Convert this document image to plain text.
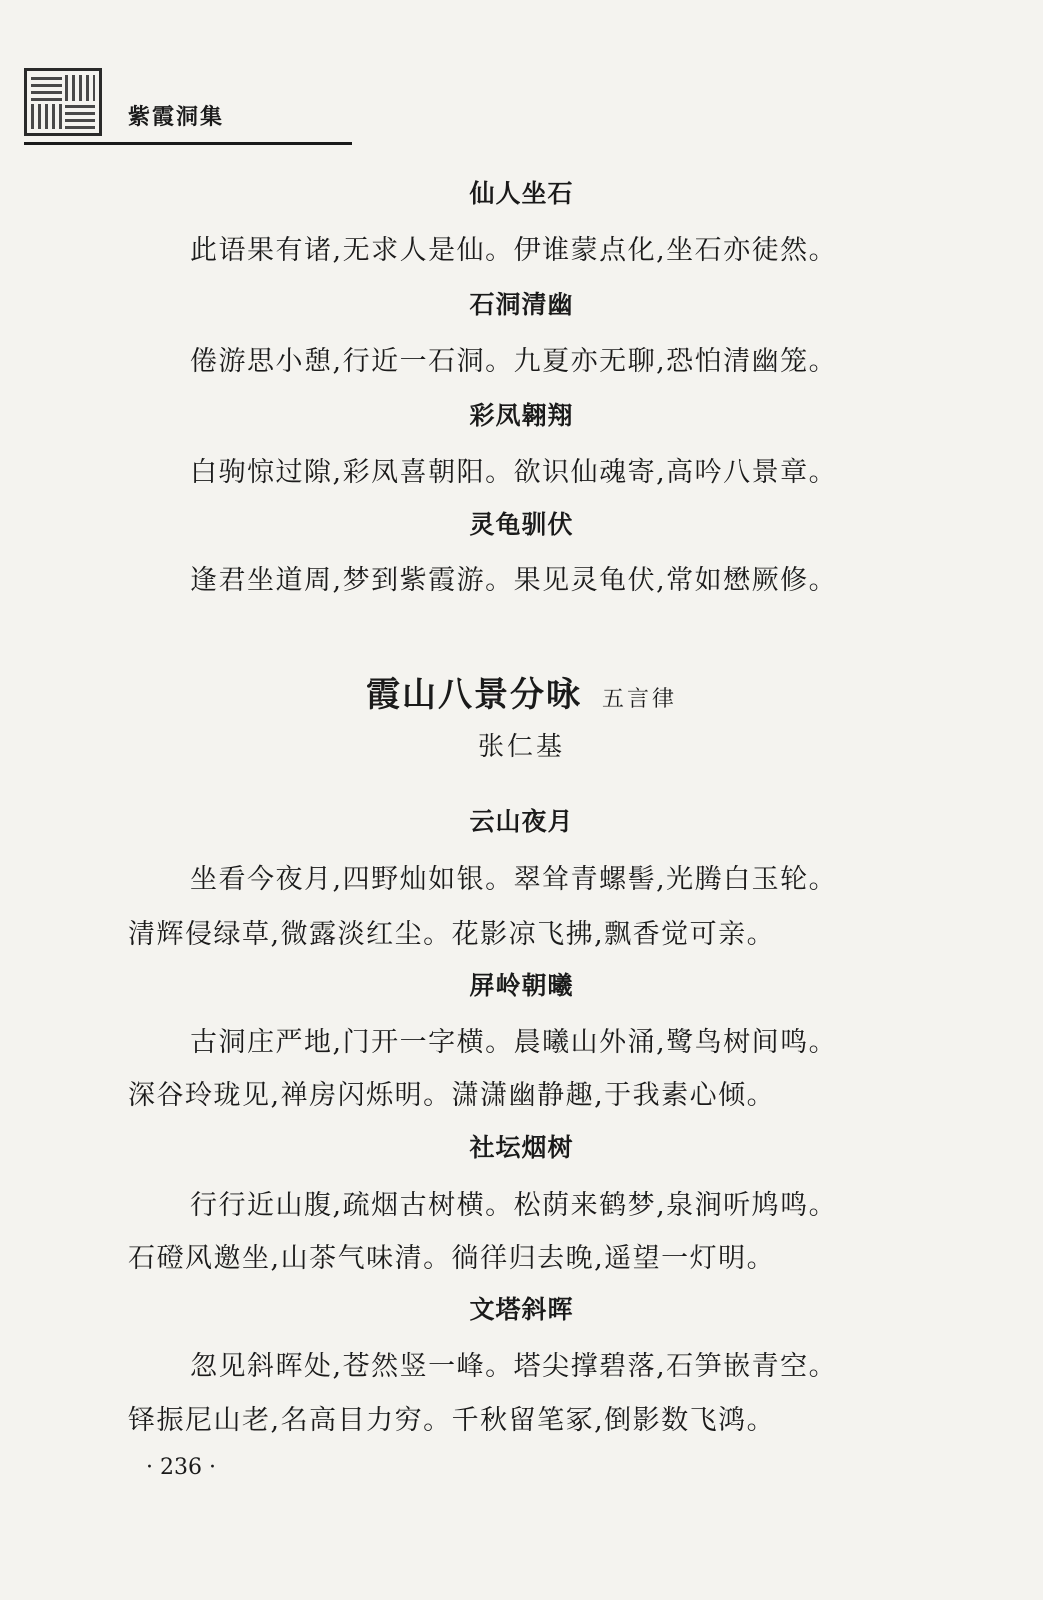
紫霞洞集
仙人坐石
此语果有诸,无求人是仙。伊谁蒙点化,坐石亦徒然。
石洞清幽
倦游思小憩,行近一石洞。九夏亦无聊,恐怕清幽笼。
彩凤翱翔
白驹惊过隙,彩凤喜朝阳。欲识仙魂寄,高吟八景章。
灵龟驯伏
逢君坐道周,梦到紫霞游。果见灵龟伏,常如懋厥修。
霞山八景分咏 五言律
张仁基
云山夜月
坐看今夜月,四野灿如银。翠耸青螺髻,光腾白玉轮。
清辉侵绿草,微露淡红尘。花影凉飞拂,飘香觉可亲。
屏岭朝曦
古洞庄严地,门开一字横。晨曦山外涌,鹭鸟树间鸣。
深谷玲珑见,禅房闪烁明。潇潇幽静趣,于我素心倾。
社坛烟树
行行近山腹,疏烟古树横。松荫来鹤梦,泉涧听鸠鸣。
石磴风邀坐,山茶气味清。徜徉归去晚,遥望一灯明。
文塔斜晖
忽见斜晖处,苍然竖一峰。塔尖撑碧落,石笋嵌青空。
铎振尼山老,名高目力穷。千秋留笔冢,倒影数飞鸿。
· 236 ·
